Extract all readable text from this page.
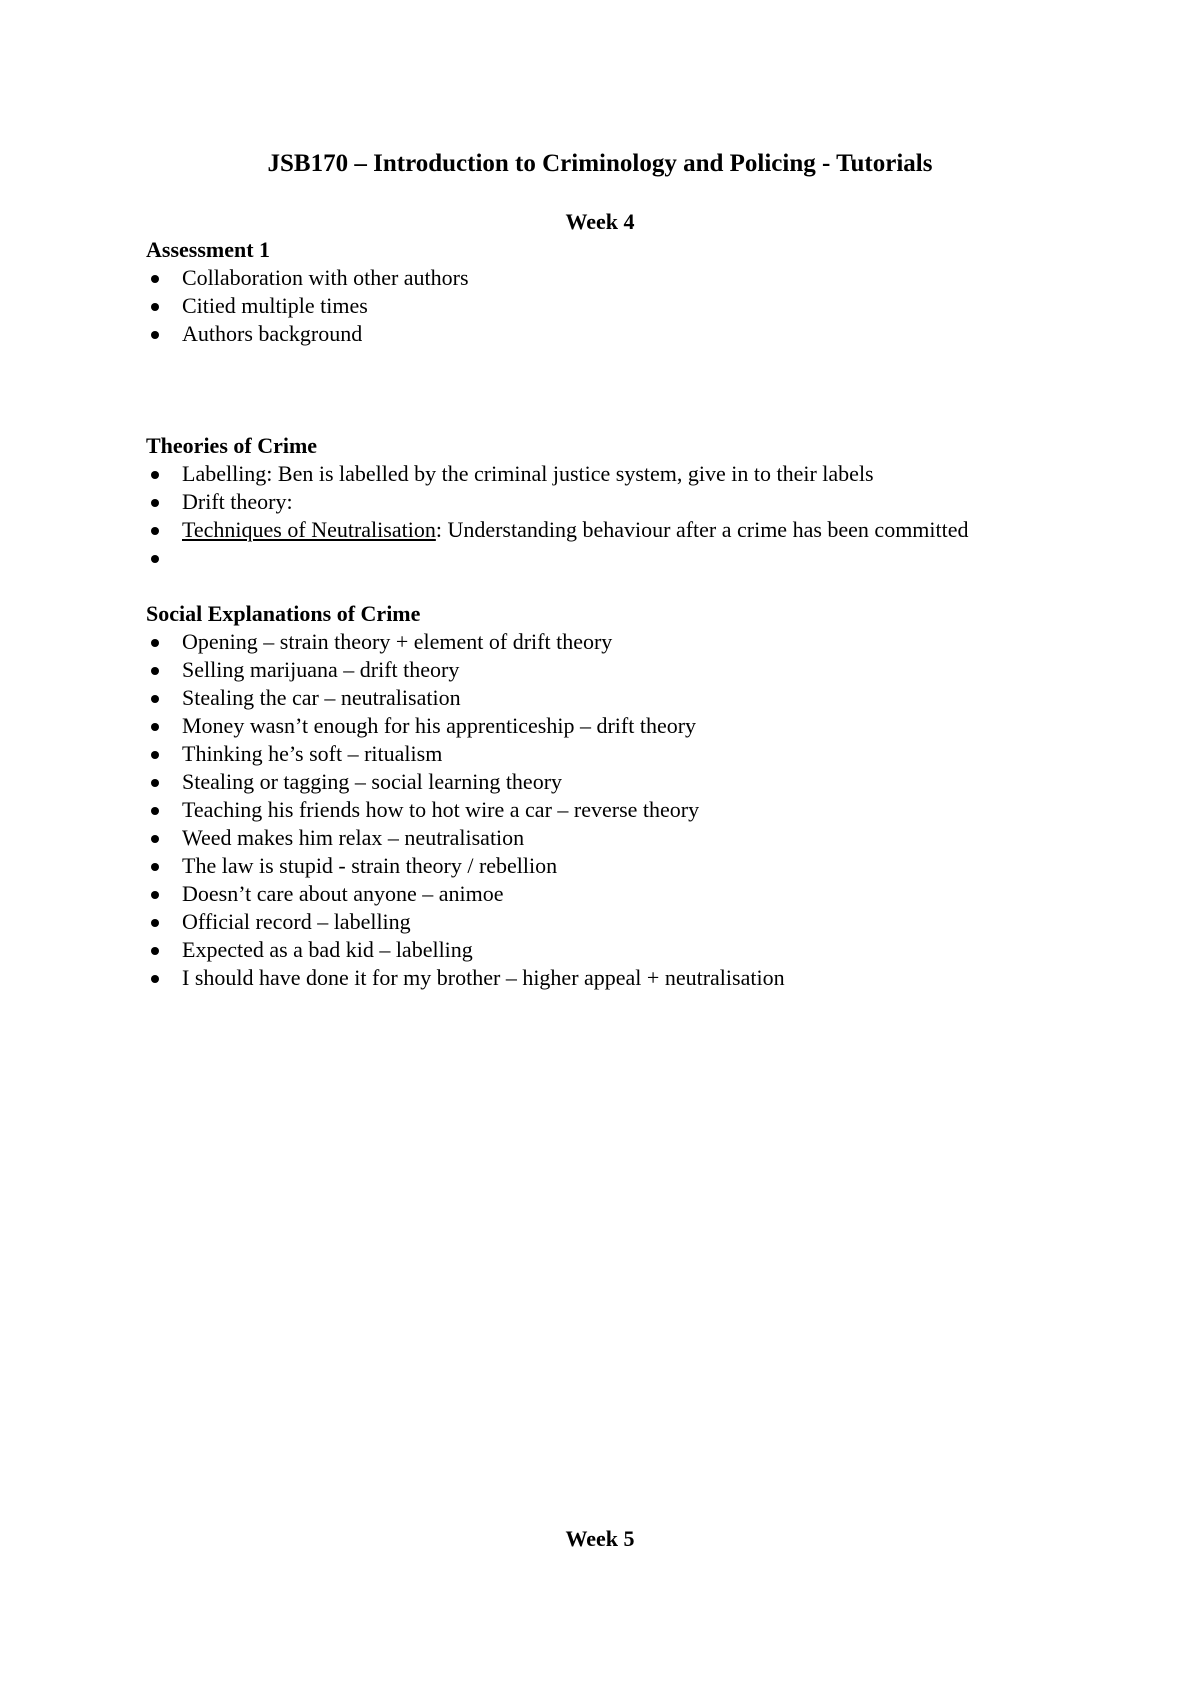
JSB170 – Introduction to Criminology and Policing - Tutorials
Week 4
Assessment 1
Collaboration with other authors
Citied multiple times
Authors background
Theories of Crime
Labelling: Ben is labelled by the criminal justice system, give in to their labels
Drift theory:
Techniques of Neutralisation: Understanding behaviour after a crime has been committed
Social Explanations of Crime
Opening – strain theory + element of drift theory
Selling marijuana – drift theory
Stealing the car – neutralisation
Money wasn’t enough for his apprenticeship – drift theory
Thinking he’s soft – ritualism
Stealing or tagging – social learning theory
Teaching his friends how to hot wire a car – reverse theory
Weed makes him relax – neutralisation
The law is stupid - strain theory / rebellion
Doesn’t care about anyone – animoe
Official record – labelling
Expected as a bad kid – labelling
I should have done it for my brother – higher appeal + neutralisation
Week 5
